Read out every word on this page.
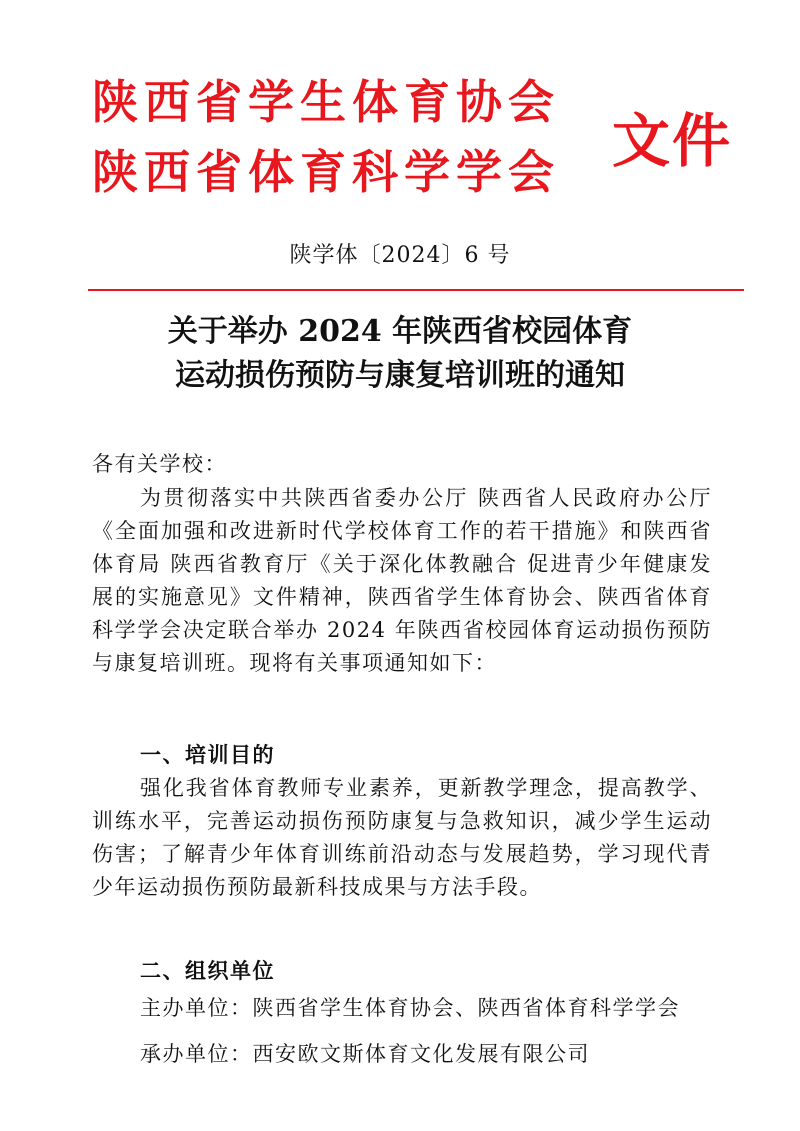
陕西省学生体育协会
陕西省体育科学学会 文件
陕学体〔2024〕6 号
关于举办 2024 年陕西省校园体育
运动损伤预防与康复培训班的通知
各有关学校：
为贯彻落实中共陕西省委办公厅 陕西省人民政府办公厅《全面加强和改进新时代学校体育工作的若干措施》和陕西省体育局 陕西省教育厅《关于深化体教融合 促进青少年健康发展的实施意见》文件精神，陕西省学生体育协会、陕西省体育科学学会决定联合举办 2024 年陕西省校园体育运动损伤预防与康复培训班。现将有关事项通知如下：
一、培训目的
强化我省体育教师专业素养，更新教学理念，提高教学、训练水平，完善运动损伤预防康复与急救知识，减少学生运动伤害；了解青少年体育训练前沿动态与发展趋势，学习现代青少年运动损伤预防最新科技成果与方法手段。
二、组织单位
主办单位：陕西省学生体育协会、陕西省体育科学学会
承办单位：西安欧文斯体育文化发展有限公司
